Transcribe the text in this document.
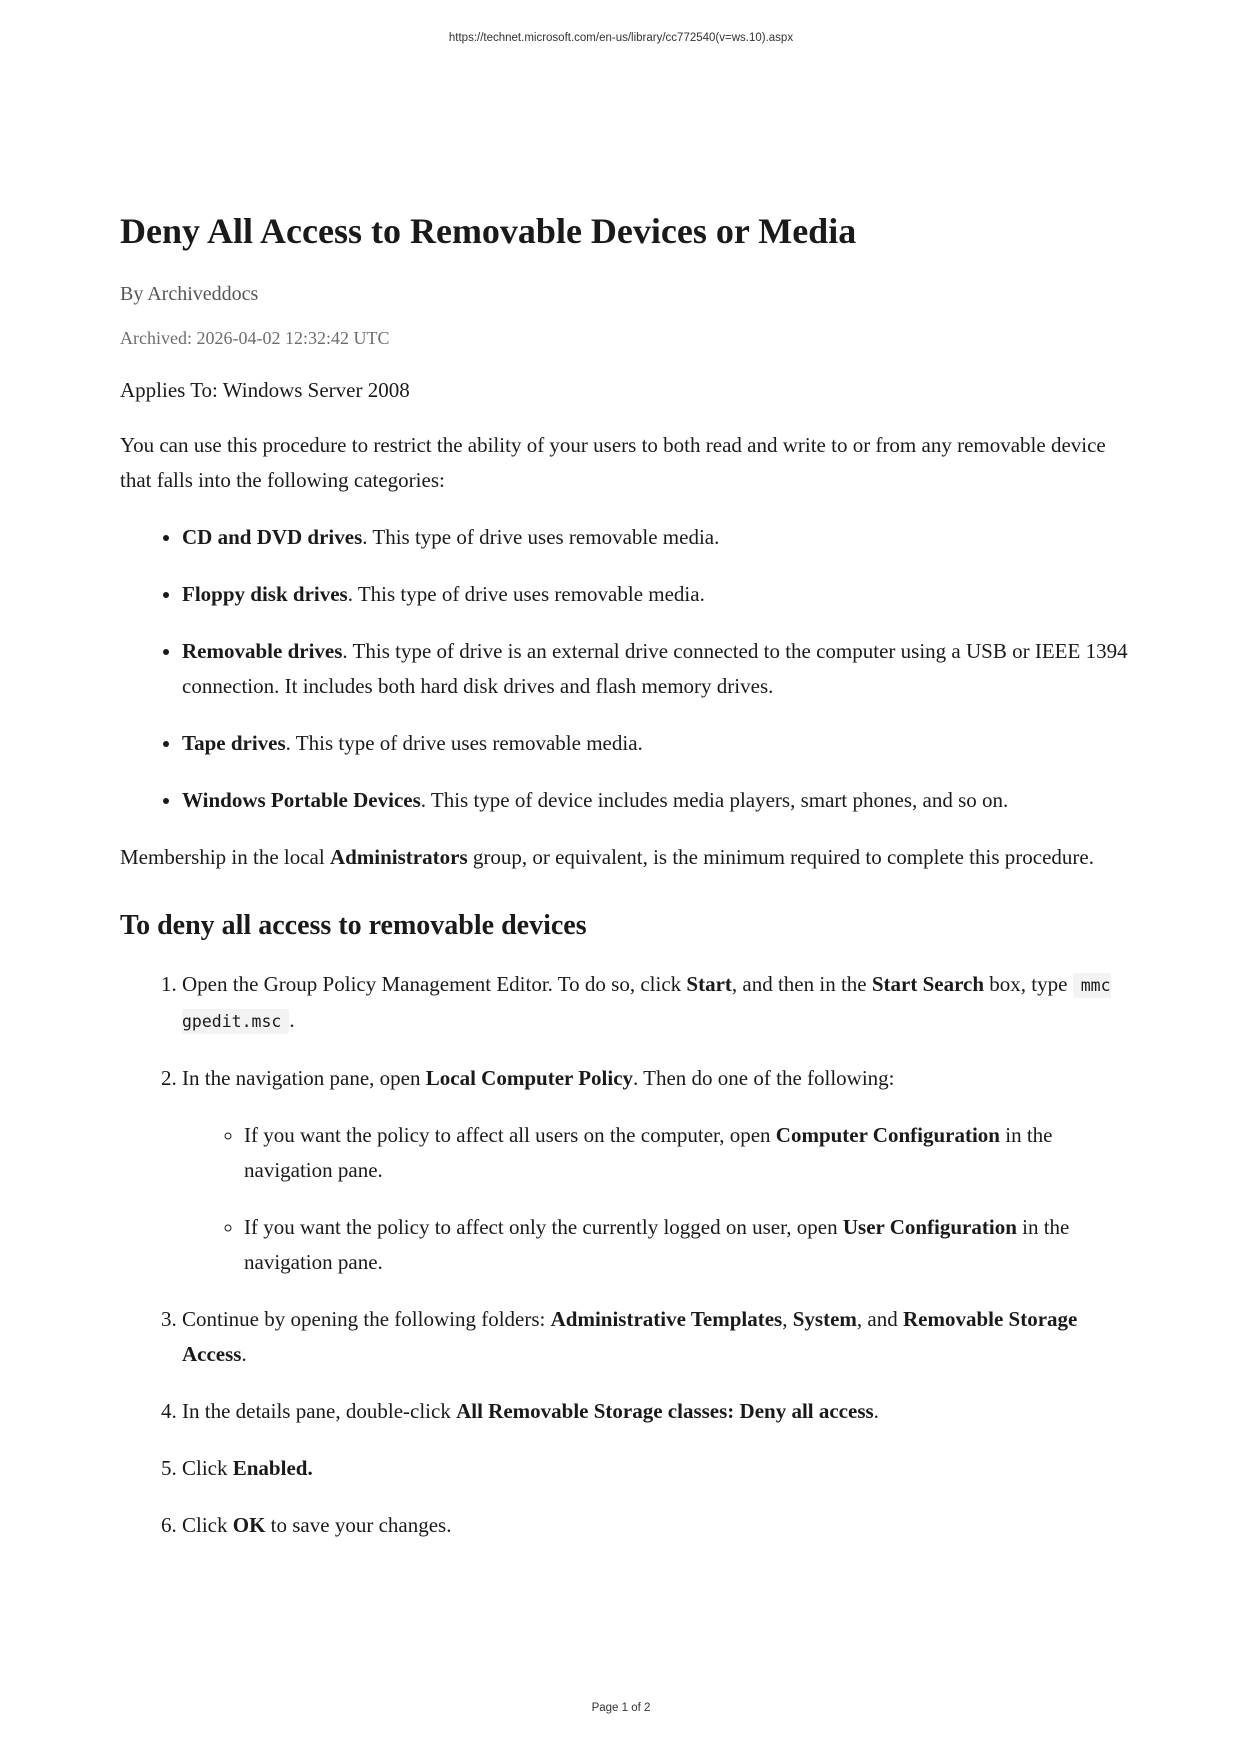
https://technet.microsoft.com/en-us/library/cc772540(v=ws.10).aspx
Deny All Access to Removable Devices or Media
By Archiveddocs
Archived: 2026-04-02 12:32:42 UTC

Applies To: Windows Server 2008

You can use this procedure to restrict the ability of your users to both read and write to or from any removable device that falls into the following categories:

• CD and DVD drives. This type of drive uses removable media.
• Floppy disk drives. This type of drive uses removable media.
• Removable drives. This type of drive is an external drive connected to the computer using a USB or IEEE 1394 connection. It includes both hard disk drives and flash memory drives.
• Tape drives. This type of drive uses removable media.
• Windows Portable Devices. This type of device includes media players, smart phones, and so on.

Membership in the local Administrators group, or equivalent, is the minimum required to complete this procedure.

To deny all access to removable devices
1. Open the Group Policy Management Editor. To do so, click Start, and then in the Start Search box, type mmc gpedit.msc .
2. In the navigation pane, open Local Computer Policy. Then do one of the following:
◦ If you want the policy to affect all users on the computer, open Computer Configuration in the navigation pane.
◦ If you want the policy to affect only the currently logged on user, open User Configuration in the navigation pane.
3. Continue by opening the following folders: Administrative Templates, System, and Removable Storage Access.
4. In the details pane, double-click All Removable Storage classes: Deny all access.
5. Click Enabled.
6. Click OK to save your changes.
Page 1 of 2
